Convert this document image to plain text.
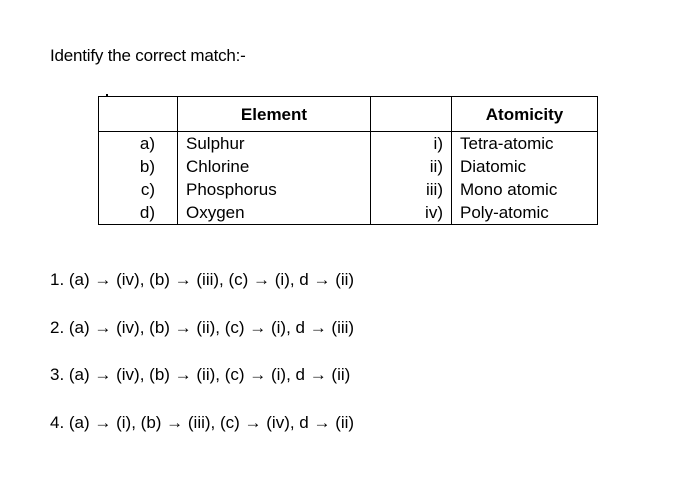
Identify the correct match:-
	Element		Atomicity
a)	Sulphur	i)	Tetra-atomic
b)	Chlorine	ii)	Diatomic
c)	Phosphorus	iii)	Mono atomic
d)	Oxygen	iv)	Poly-atomic
1. (a) → (iv), (b) → (iii), (c) → (i), d → (ii)
2. (a) → (iv), (b) → (ii), (c) → (i), d → (iii)
3. (a) → (iv), (b) → (ii), (c) → (i), d → (ii)
4. (a) → (i), (b) → (iii), (c) → (iv), d → (ii)
